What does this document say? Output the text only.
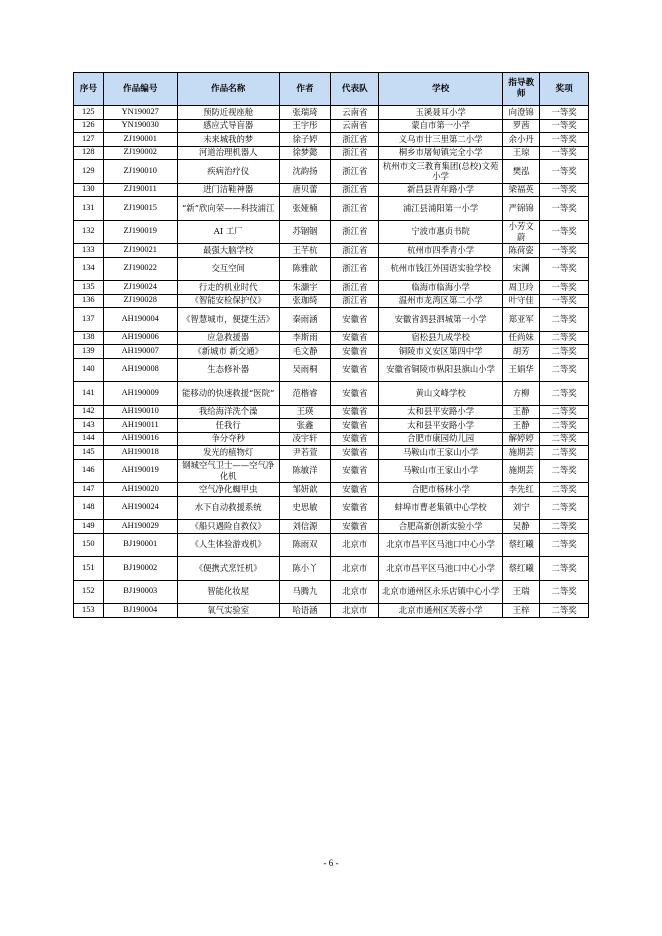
序号	作品编号	作品名称	作者	代表队	学校	指导教师	奖项
125	YN190027	预防近视座舱	张瑞琦	云南省	玉溪聂耳小学	向澄锦	一等奖
126	YN190030	感应式导盲器	王宇彤	云南省	蒙自市第一小学	罗茜	一等奖
127	ZJ190001	未来城我的梦	徐子婷	浙江省	义乌市廿三里第二小学	余小丹	一等奖
128	ZJ190002	河道治理机器人	徐梦懿	浙江省	桐乡市屠甸镇完全小学	王琼	一等奖
129	ZJ190010	疾病治疗仪	沈韵扬	浙江省	杭州市文三教育集团(总校)文苑小学	樊泓	一等奖
130	ZJ190011	进门洁鞋神器	唐贝蕾	浙江省	新昌县青年路小学	梁福英	一等奖
131	ZJ190015	“新”欣向荣——科技浦江	张娅楠	浙江省	浦江县浦阳第一小学	严锦锦	一等奖
132	ZJ190019	AI 工厂	苏锢锢	浙江省	宁波市惠贞书院	小芳文蔚	一等奖
133	ZJ190021	最强大脑学校	王芊杭	浙江省	杭州市四季青小学	陈荷姿	一等奖
134	ZJ190022	交互空间	陈雅歆	浙江省	杭州市钱江外国语实验学校	宋渊	一等奖
135	ZJ190024	行走的机业时代	朱灏宇	浙江省	临海市临海小学	周卫玲	一等奖
136	ZJ190028	《智能安检保护仪》	张珈绮	浙江省	温州市龙湾区第二小学	叶守佳	一等奖
137	AH190004	《智慧城市，便捷生活》	秦雨涵	安徽省	安徽省泗县泗城第一小学	郑亚军	二等奖
138	AH190006	应急救援器	李斯雨	安徽省	宿松县九成学校	任尚妹	二等奖
139	AH190007	《新城市 新交通》	毛文静	安徽省	铜陵市义安区第四中学	胡芳	二等奖
140	AH190008	生态修补器	吴雨桐	安徽省	安徽省铜陵市枞阳县旗山小学	王娟华	二等奖
141	AH190009	能移动的快速救援“医院”	范楷睿	安徽省	黄山文峰学校	方柳	二等奖
142	AH190010	我给海洋洗个澡	王瑛	安徽省	太和县平安路小学	王静	二等奖
143	AH190011	任我行	张鑫	安徽省	太和县平安路小学	王静	二等奖
144	AH190016	争分夺秒	凌宇轩	安徽省	合肥市康园幼儿园	解婷婷	二等奖
145	AH190018	发光的植物灯	尹若萱	安徽省	马鞍山市王家山小学	施期芸	二等奖
146	AH190019	钢城空气卫士——空气净化机	陈敏洋	安徽省	马鞍山市王家山小学	施期芸	二等奖
147	AH190020	空气净化蜘甲虫	邹妍歆	安徽省	合肥市杨林小学	李先红	二等奖
148	AH190024	水下自动救援系统	史思敏	安徽省	蚌埠市曹老集镇中心学校	刘宁	二等奖
149	AH190029	《船只遇险自救仪》	刘信源	安徽省	合肥高新创新实验小学	吴静	二等奖
150	BJ190001	《人生体验游戏机》	陈雨双	北京市	北京市昌平区马池口中心小学	蔡红曦	二等奖
151	BJ190002	《便携式烹饪机》	陈小丫	北京市	北京市昌平区马池口中心小学	蔡红曦	二等奖
152	BJ190003	智能化妆屋	马腾九	北京市	北京市通州区永乐店镇中心小学	王瑞	二等奖
153	BJ190004	氧气实验室	哈语涵	北京市	北京市通州区芙蓉小学	王梓	二等奖
- 6 -
